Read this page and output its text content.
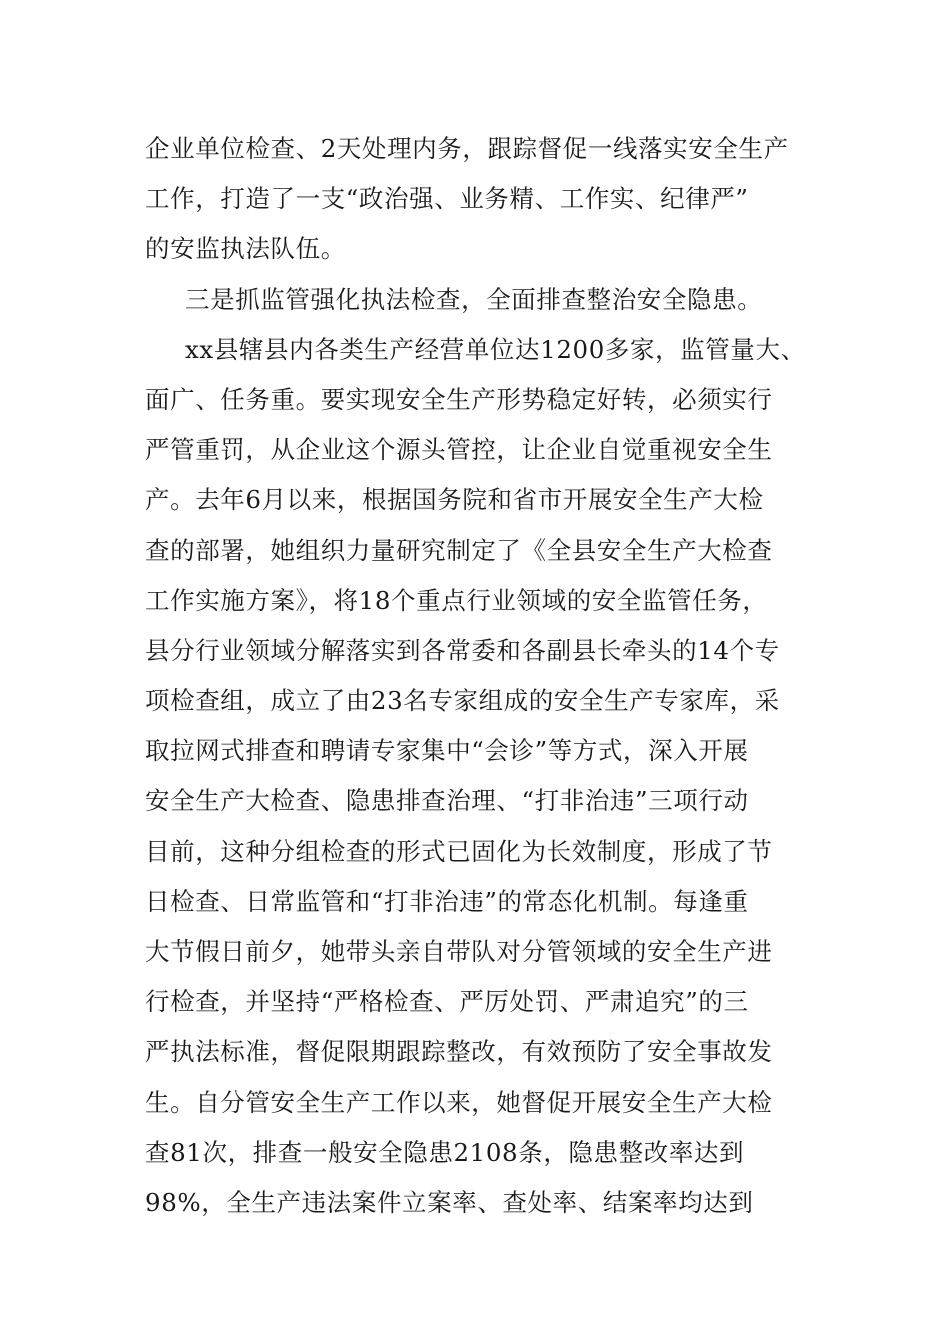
企业单位检查、2天处理内务，跟踪督促一线落实安全生产
工作，打造了一支“政治强、业务精、工作实、纪律严”
的安监执法队伍。
三是抓监管强化执法检查，全面排查整治安全隐患。
xx县辖县内各类生产经营单位达1200多家，监管量大、
面广、任务重。要实现安全生产形势稳定好转，必须实行
严管重罚，从企业这个源头管控，让企业自觉重视安全生
产。去年6月以来，根据国务院和省市开展安全生产大检
查的部署，她组织力量研究制定了《全县安全生产大检查
工作实施方案》，将18个重点行业领域的安全监管任务，
县分行业领域分解落实到各常委和各副县长牵头的14个专
项检查组，成立了由23名专家组成的安全生产专家库，采
取拉网式排查和聘请专家集中“会诊”等方式，深入开展
安全生产大检查、隐患排查治理、“打非治违”三项行动
目前，这种分组检查的形式已固化为长效制度，形成了节
日检查、日常监管和“打非治违”的常态化机制。每逢重
大节假日前夕，她带头亲自带队对分管领域的安全生产进
行检查，并坚持“严格检查、严厉处罚、严肃追究”的三
严执法标准，督促限期跟踪整改，有效预防了安全事故发
生。自分管安全生产工作以来，她督促开展安全生产大检
查81次，排查一般安全隐患2108条，隐患整改率达到
98%，全生产违法案件立案率、查处率、结案率均达到
